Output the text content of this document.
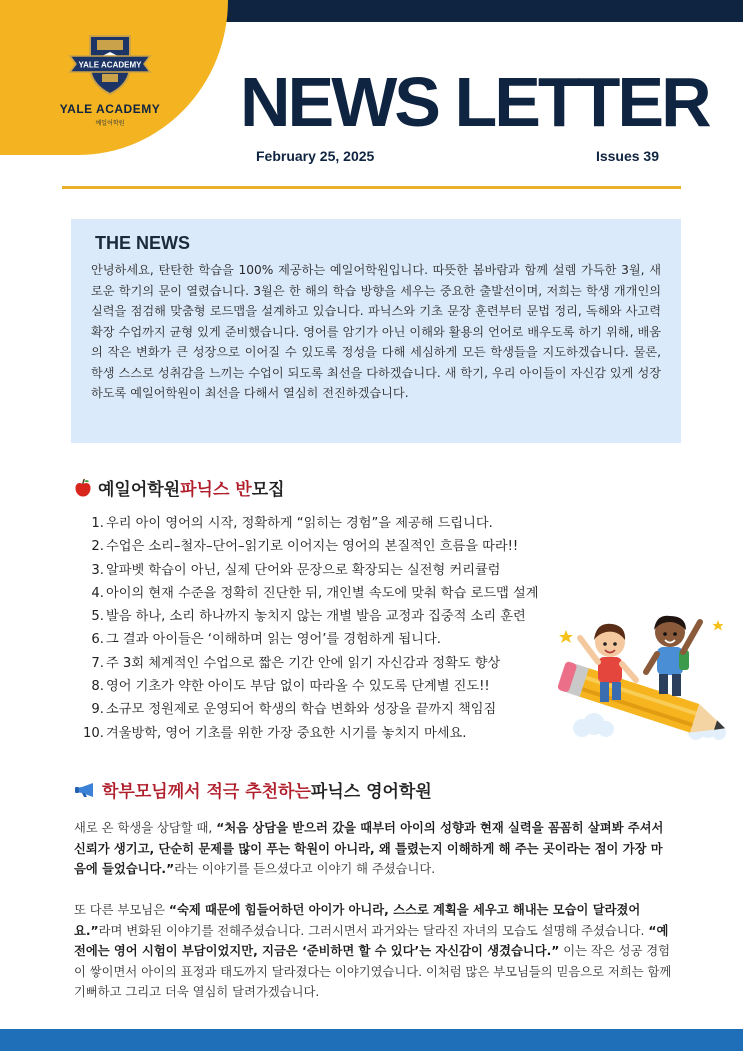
YALE ACADEMY
YALE ACADEMY
예일어학원	NEWS LETTER
February 25, 2025	Issues 39
THE NEWS

안녕하세요, 탄탄한 학습을 100% 제공하는 예일어학원입니다. 따뜻한 봄바람과 함께 설렘 가득한 3월, 새로운 학기의 문이 열렸습니다. 3월은 한 해의 학습 방향을 세우는 중요한 출발선이며, 저희는 학생 개개인의 실력을 점검해 맞춤형 로드맵을 설계하고 있습니다. 파닉스와 기초 문장 훈련부터 문법 정리, 독해와 사고력 확장 수업까지 균형 있게 준비했습니다. 영어를 암기가 아닌 이해와 활용의 언어로 배우도록 하기 위해, 배움의 작은 변화가 큰 성장으로 이어질 수 있도록 정성을 다해 세심하게 모든 학생들을 지도하겠습니다. 물론, 학생 스스로 성취감을 느끼는 수업이 되도록 최선을 다하겠습니다. 새 학기, 우리 아이들이 자신감 있게 성장하도록 예일어학원이 최선을 다해서 열심히 전진하겠습니다.

예일어학원 파닉스 반 모집
1. 우리 아이 영어의 시작, 정확하게 “읽히는 경험”을 제공해 드립니다.
2. 수업은 소리–철자–단어–읽기로 이어지는 영어의 본질적인 흐름을 따라!!
3. 알파벳 학습이 아닌, 실제 단어와 문장으로 확장되는 실전형 커리큘럼
4. 아이의 현재 수준을 정확히 진단한 뒤, 개인별 속도에 맞춰 학습 로드맵 설계
5. 발음 하나, 소리 하나까지 놓치지 않는 개별 발음 교정과 집중적 소리 훈련
6. 그 결과 아이들은 ‘이해하며 읽는 영어’를 경험하게 됩니다.
7. 주 3회 체계적인 수업으로 짧은 기간 안에 읽기 자신감과 정확도 향상
8. 영어 기초가 약한 아이도 부담 없이 따라올 수 있도록 단계별 진도!!
9. 소규모 정원제로 운영되어 학생의 학습 변화와 성장을 끝까지 책임짐
10. 겨울방학, 영어 기초를 위한 가장 중요한 시기를 놓치지 마세요.
학부모님께서 적극 추천하는 파닉스 영어학원
새로 온 학생을 상담할 때, “처음 상담을 받으러 갔을 때부터 아이의 성향과 현재 실력을 꼼꼼히 살펴봐 주셔서 신뢰가 생기고, 단순히 문제를 많이 푸는 학원이 아니라, 왜 틀렸는지 이해하게 해 주는 곳이라는 점이 가장 마음에 들었습니다.”라는 이야기를 듣으셨다고 이야기 해 주셨습니다.

또 다른 부모님은 “숙제 때문에 힘들어하던 아이가 아니라, 스스로 계획을 세우고 해내는 모습이 달라졌어요.”라며 변화된 이야기를 전해주셨습니다. 그러시면서 과거와는 달라진 자녀의 모습도 설명해 주셨습니다. “예전에는 영어 시험이 부담이었지만, 지금은 ‘준비하면 할 수 있다’는 자신감이 생겼습니다.” 이는 작은 성공 경험이 쌓이면서 아이의 표정과 태도까지 달라졌다는 이야기였습니다. 이처럼 많은 부모님들의 믿음으로 저희는 함께 기뻐하고 그리고 더욱 열심히 달려가겠습니다.
